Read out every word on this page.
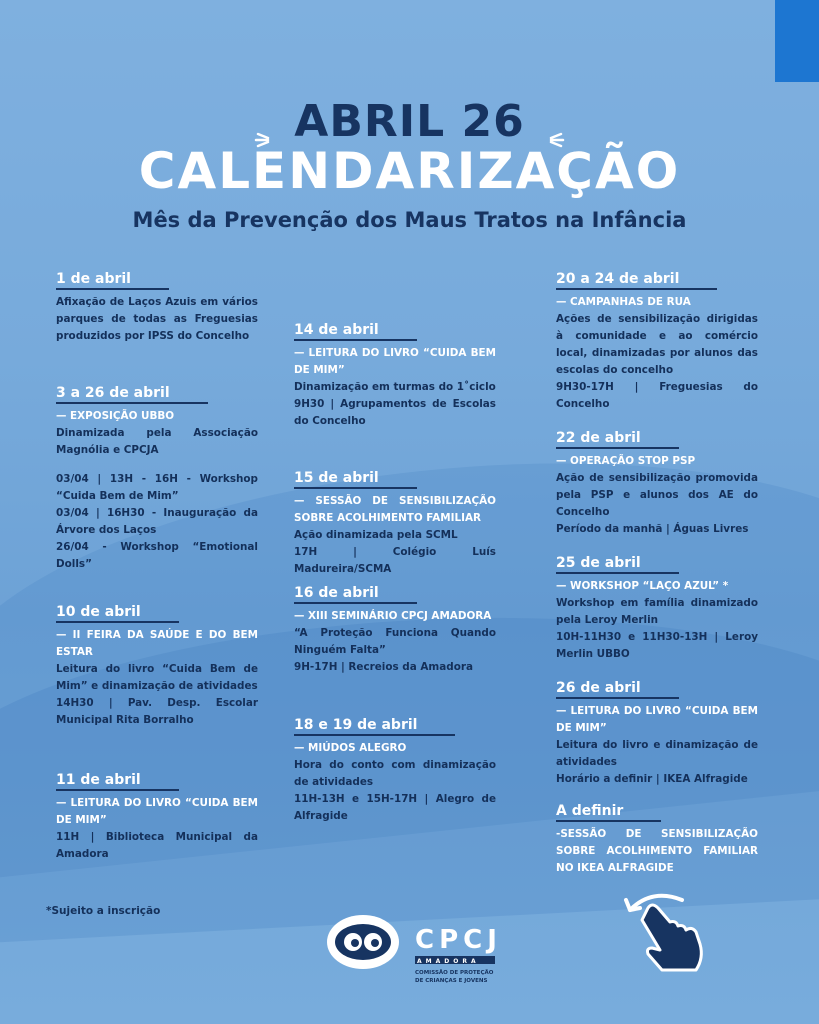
ABRIL 26
CALENDARIZAÇÃO
Mês da Prevenção dos Maus Tratos na Infância
1 de abril
Afixação de Laços Azuis em vários parques de todas as Freguesias produzidos por IPSS do Concelho
3 a 26 de abril
— EXPOSIÇÃO UBBO
Dinamizada pela Associação Magnólia e CPCJA
03/04 | 13H - 16H - Workshop “Cuida Bem de Mim”
03/04 | 16H30 - Inauguração da Árvore dos Laços
26/04 - Workshop “Emotional Dolls”
10 de abril
— II FEIRA DA SAÚDE E DO BEM ESTAR
Leitura do livro “Cuida Bem de Mim” e dinamização de atividades
14H30 | Pav. Desp. Escolar Municipal Rita Borralho
11 de abril
— LEITURA DO LIVRO “CUIDA BEM DE MIM”
11H | Biblioteca Municipal da Amadora
14 de abril
— LEITURA DO LIVRO “CUIDA BEM DE MIM”
Dinamização em turmas do 1˚ciclo
9H30 | Agrupamentos de Escolas do Concelho
15 de abril
— SESSÃO DE SENSIBILIZAÇÃO SOBRE ACOLHIMENTO FAMILIAR
Ação dinamizada pela SCML
17H | Colégio Luís Madureira/SCMA
16 de abril
— XIII SEMINÁRIO CPCJ AMADORA
“A Proteção Funciona Quando Ninguém Falta”
9H-17H | Recreios da Amadora
18 e 19 de abril
— MIÚDOS ALEGRO
Hora do conto com dinamização de atividades
11H-13H e 15H-17H | Alegro de Alfragide
20 a 24 de abril
— CAMPANHAS DE RUA
Ações de sensibilização dirigidas à comunidade e ao comércio local, dinamizadas por alunos das escolas do concelho
9H30-17H | Freguesias do Concelho
22 de abril
— OPERAÇÃO STOP PSP
Ação de sensibilização promovida pela PSP e alunos dos AE do Concelho
Período da manhã | Águas Livres
25 de abril
— WORKSHOP “LAÇO AZUL” *
Workshop em família dinamizado pela Leroy Merlin
10H-11H30 e 11H30-13H | Leroy Merlin UBBO
26 de abril
— LEITURA DO LIVRO “CUIDA BEM DE MIM”
Leitura do livro e dinamização de atividades
Horário a definir | IKEA Alfragide
A definir
-SESSÃO DE SENSIBILIZAÇÃO SOBRE ACOLHIMENTO FAMILIAR NO IKEA ALFRAGIDE
*Sujeito a inscrição
CPCJ
AMADORA
COMISSÃO DE PROTEÇÃO
DE CRIANÇAS E JOVENS
